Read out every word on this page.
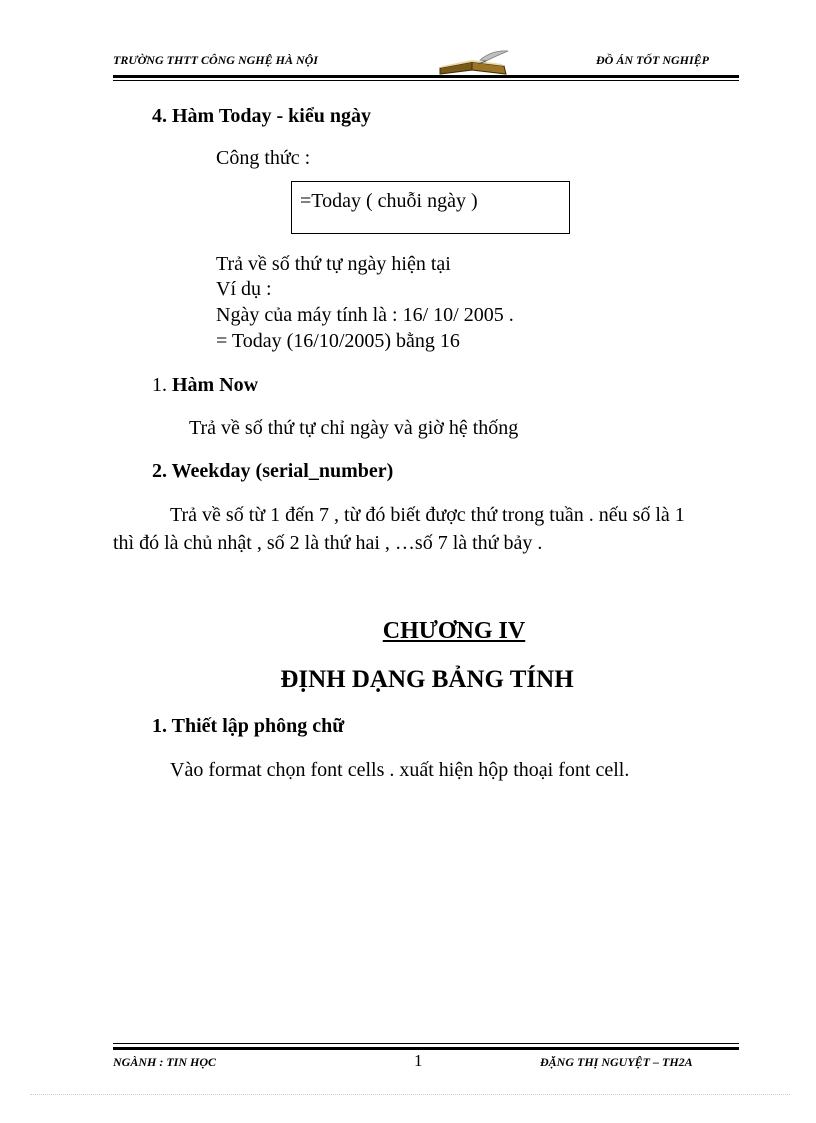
TRƯỜNG THTT CÔNG NGHỆ HÀ NỘI	ĐỒ ÁN TỐT NGHIỆP
4. Hàm Today - kiểu ngày
Công thức :
=Today ( chuỗi ngày )
Trả về số thứ tự ngày hiện tại
Ví dụ :
Ngày của máy tính là : 16/ 10/ 2005 .
= Today (16/10/2005) bằng 16
1. Hàm Now
Trả về số thứ tự chỉ ngày và giờ hệ thống
2. Weekday (serial_number)
Trả về số từ 1 đến 7 , từ đó biết được thứ trong tuần . nếu số là 1
thì đó là chủ nhật , số 2 là thứ hai , …số 7 là thứ bảy .
CHƯƠNG IV
ĐỊNH DẠNG BẢNG TÍNH
1. Thiết lập phông chữ
Vào format chọn font cells . xuất hiện hộp thoại font cell.
NGÀNH : TIN HỌC	1	ĐẶNG THỊ NGUYỆT – TH2A
